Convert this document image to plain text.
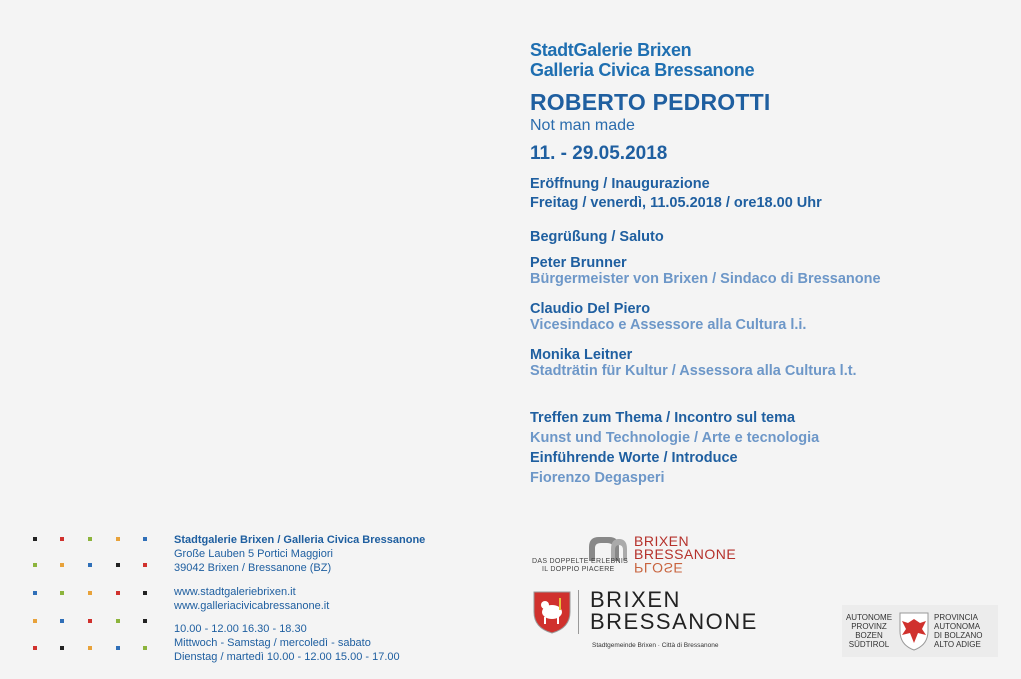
StadtGalerie Brixen
Galleria Civica Bressanone
ROBERTO PEDROTTI
Not man made
11. - 29.05.2018
Eröffnung / Inaugurazione
Freitag / venerdì, 11.05.2018 / ore18.00 Uhr
Begrüßung / Saluto
Peter Brunner
Bürgermeister von Brixen / Sindaco di Bressanone
Claudio Del Piero
Vicesindaco e Assessore alla Cultura l.i.
Monika Leitner
Stadträtin für Kultur / Assessora alla Cultura l.t.
Treffen zum Thema / Incontro sul tema
Kunst und Technologie / Arte e tecnologia
Einführende Worte / Introduce
Fiorenzo Degasperi
Stadtgalerie Brixen / Galleria Civica Bressanone
Große Lauben 5 Portici Maggiori
39042 Brixen / Bressanone (BZ)
www.stadtgaleriebrixen.it
www.galleriacivicabressanone.it
10.00 - 12.00 16.30 - 18.30
Mittwoch - Samstag / mercoledì - sabato
Dienstag / martedì 10.00 - 12.00 15.00 - 17.00
DAS DOPPELTE ERLEBNIS
IL DOPPIO PIACERE
BRIXEN
BRESSANONE
PLOSE
BRIXEN
BRESSANONE
Stadtgemeinde Brixen · Città di Bressanone
AUTONOME
PROVINZ
BOZEN
SÜDTIROL
PROVINCIA
AUTONOMA
DI BOLZANO
ALTO ADIGE
